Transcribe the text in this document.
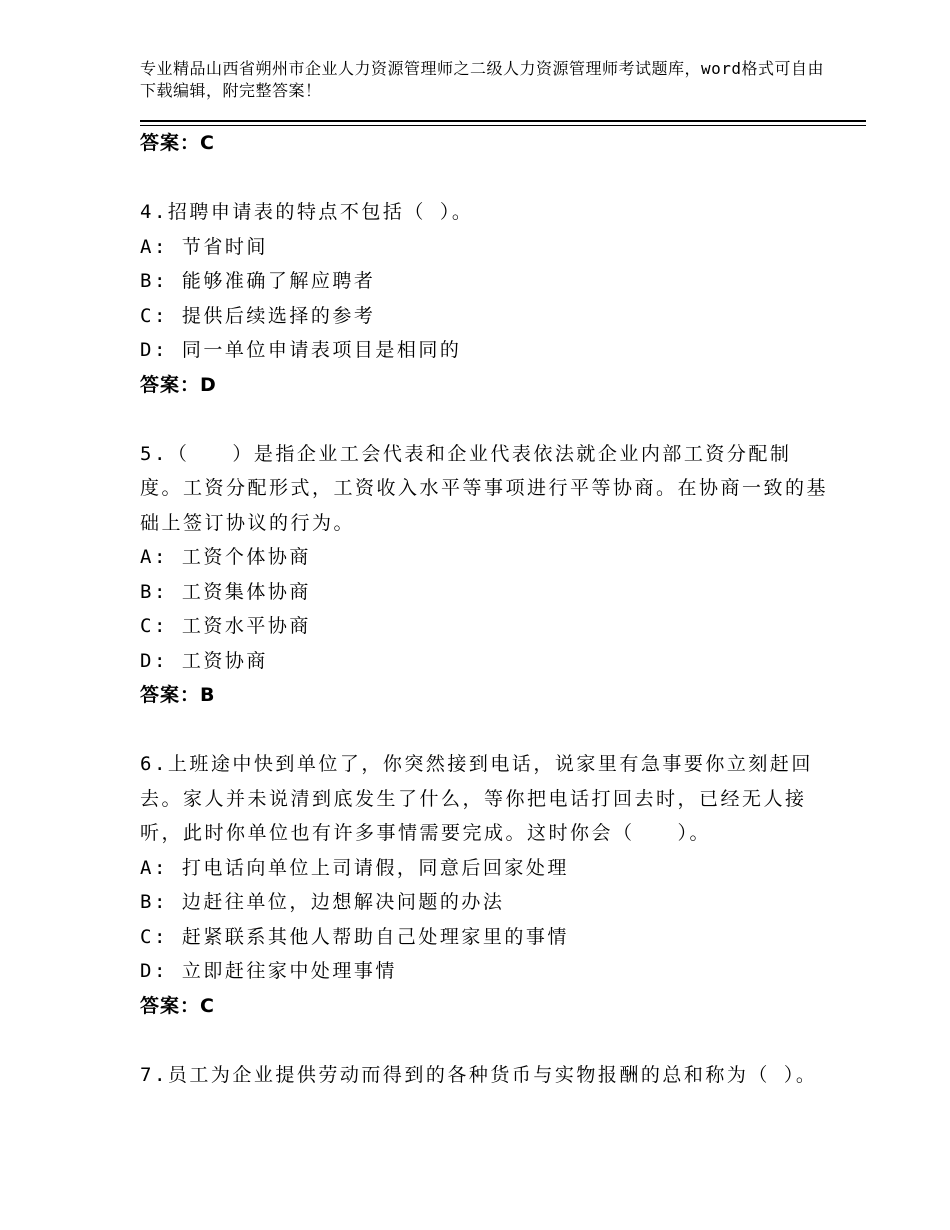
专业精品山西省朔州市企业人力资源管理师之二级人力资源管理师考试题库，word格式可自由下载编辑，附完整答案！
答案：C
4.招聘申请表的特点不包括（ ）。
A: 节省时间
B: 能够准确了解应聘者
C: 提供后续选择的参考
D: 同一单位申请表项目是相同的
答案：D
5.（　　）是指企业工会代表和企业代表依法就企业内部工资分配制度。工资分配形式，工资收入水平等事项进行平等协商。在协商一致的基础上签订协议的行为。
A: 工资个体协商
B: 工资集体协商
C: 工资水平协商
D: 工资协商
答案：B
6.上班途中快到单位了，你突然接到电话，说家里有急事要你立刻赶回去。家人并未说清到底发生了什么，等你把电话打回去时，已经无人接听，此时你单位也有许多事情需要完成。这时你会（　　）。
A: 打电话向单位上司请假，同意后回家处理
B: 边赶往单位，边想解决问题的办法
C: 赶紧联系其他人帮助自己处理家里的事情
D: 立即赶往家中处理事情
答案：C
7.员工为企业提供劳动而得到的各种货币与实物报酬的总和称为（ ）。
